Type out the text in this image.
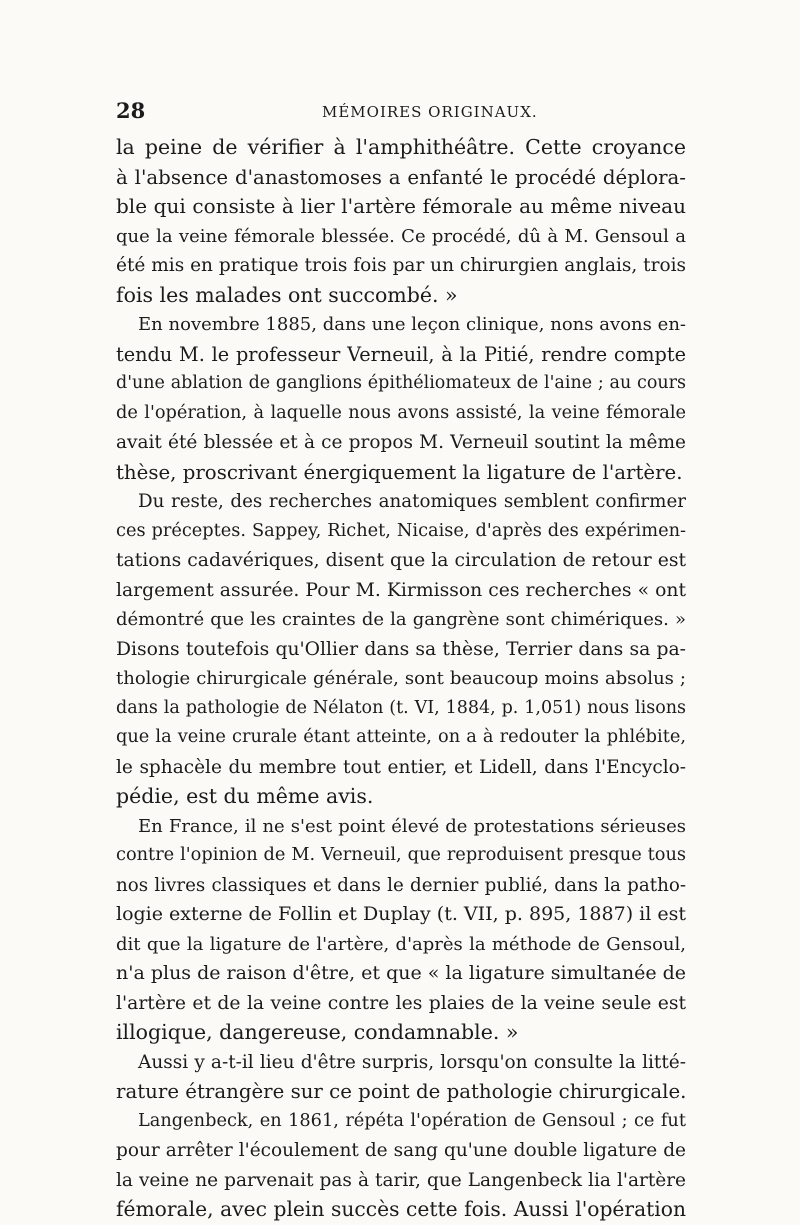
28	MÉMOIRES ORIGINAUX.
la peine de vérifier à l'amphithéâtre. Cette croyance
à l'absence d'anastomoses a enfanté le procédé déplora-
ble qui consiste à lier l'artère fémorale au même niveau
que la veine fémorale blessée. Ce procédé, dû à M. Gensoul a
été mis en pratique trois fois par un chirurgien anglais, trois
fois les malades ont succombé. »
En novembre 1885, dans une leçon clinique, nons avons en-
tendu M. le professeur Verneuil, à la Pitié, rendre compte
d'une ablation de ganglions épithéliomateux de l'aine ; au cours
de l'opération, à laquelle nous avons assisté, la veine fémorale
avait été blessée et à ce propos M. Verneuil soutint la même
thèse, proscrivant énergiquement la ligature de l'artère.
Du reste, des recherches anatomiques semblent confirmer
ces préceptes. Sappey, Richet, Nicaise, d'après des expérimen-
tations cadavériques, disent que la circulation de retour est
largement assurée. Pour M. Kirmisson ces recherches « ont
démontré que les craintes de la gangrène sont chimériques. »
Disons toutefois qu'Ollier dans sa thèse, Terrier dans sa pa-
thologie chirurgicale générale, sont beaucoup moins absolus ;
dans la pathologie de Nélaton (t. VI, 1884, p. 1,051) nous lisons
que la veine crurale étant atteinte, on a à redouter la phlébite,
le sphacèle du membre tout entier, et Lidell, dans l'Encyclo-
pédie, est du même avis.
En France, il ne s'est point élevé de protestations sérieuses
contre l'opinion de M. Verneuil, que reproduisent presque tous
nos livres classiques et dans le dernier publié, dans la patho-
logie externe de Follin et Duplay (t. VII, p. 895, 1887) il est
dit que la ligature de l'artère, d'après la méthode de Gensoul,
n'a plus de raison d'être, et que « la ligature simultanée de
l'artère et de la veine contre les plaies de la veine seule est
illogique, dangereuse, condamnable. »
Aussi y a-t-il lieu d'être surpris, lorsqu'on consulte la litté-
rature étrangère sur ce point de pathologie chirurgicale.
Langenbeck, en 1861, répéta l'opération de Gensoul ; ce fut
pour arrêter l'écoulement de sang qu'une double ligature de
la veine ne parvenait pas à tarir, que Langenbeck lia l'artère
fémorale, avec plein succès cette fois. Aussi l'opération
